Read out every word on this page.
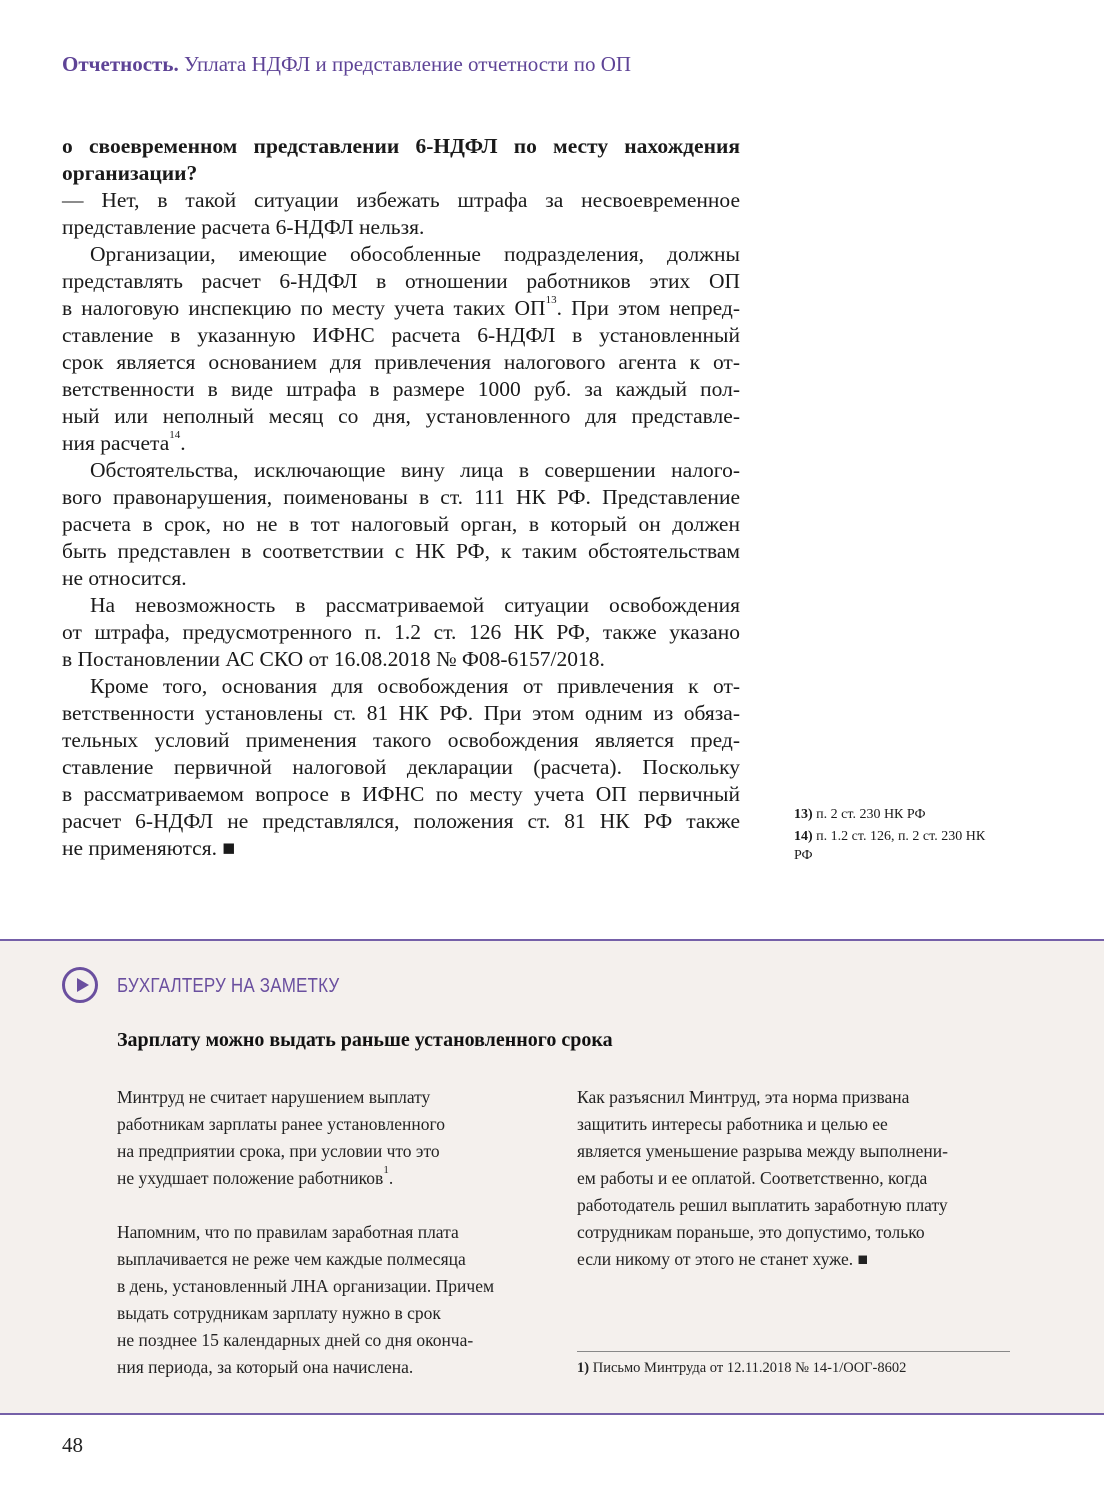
Отчетность. Уплата НДФЛ и представление отчетности по ОП
о своевременном представлении 6-НДФЛ по месту нахождения
организации?
— Нет, в такой ситуации избежать штрафа за несвоевременное
представление расчета 6-НДФЛ нельзя.
Организации, имеющие обособленные подразделения, должны
представлять расчет 6-НДФЛ в отношении работников этих ОП
в налоговую инспекцию по месту учета таких ОП$^{13}$. При этом непред-
ставление в указанную ИФНС расчета 6-НДФЛ в установленный
срок является основанием для привлечения налогового агента к от-
ветственности в виде штрафа в размере 1000 руб. за каждый пол-
ный или неполный месяц со дня, установленного для представле-
ния расчета$^{14}$.
Обстоятельства, исключающие вину лица в совершении налого-
вого правонарушения, поименованы в ст. 111 НК РФ. Представление
расчета в срок, но не в тот налоговый орган, в который он должен
быть представлен в соответствии с НК РФ, к таким обстоятельствам
не относится.
На невозможность в рассматриваемой ситуации освобождения
от штрафа, предусмотренного п. 1.2 ст. 126 НК РФ, также указано
в Постановлении АС СКО от 16.08.2018 № Ф08-6157/2018.
Кроме того, основания для освобождения от привлечения к от-
ветственности установлены ст. 81 НК РФ. При этом одним из обяза-
тельных условий применения такого освобождения является пред-
ставление первичной налоговой декларации (расчета). Поскольку
в рассматриваемом вопросе в ИФНС по месту учета ОП первичный
расчет 6-НДФЛ не представлялся, положения ст. 81 НК РФ также
не применяются. ■
13) п. 2 ст. 230 НК РФ
14) п. 1.2 ст. 126, п. 2 ст. 230 НК РФ
БУХГАЛТЕРУ НА ЗАМЕТКУ
Зарплату можно выдать раньше установленного срока
Минтруд не считает нарушением выплату
работникам зарплаты ранее установленного
на предприятии срока, при условии что это
не ухудшает положение работников$^1$.
Напомним, что по правилам заработная плата
выплачивается не реже чем каждые полмесяца
в день, установленный ЛНА организации. Причем
выдать сотрудникам зарплату нужно в срок
не позднее 15 календарных дней со дня оконча-
ния периода, за который она начислена.
Как разъяснил Минтруд, эта норма призвана
защитить интересы работника и целью ее
является уменьшение разрыва между выполнени-
ем работы и ее оплатой. Соответственно, когда
работодатель решил выплатить заработную плату
сотрудникам пораньше, это допустимо, только
если никому от этого не станет хуже. ■
1) Письмо Минтруда от 12.11.2018 № 14-1/ООГ-8602
48
